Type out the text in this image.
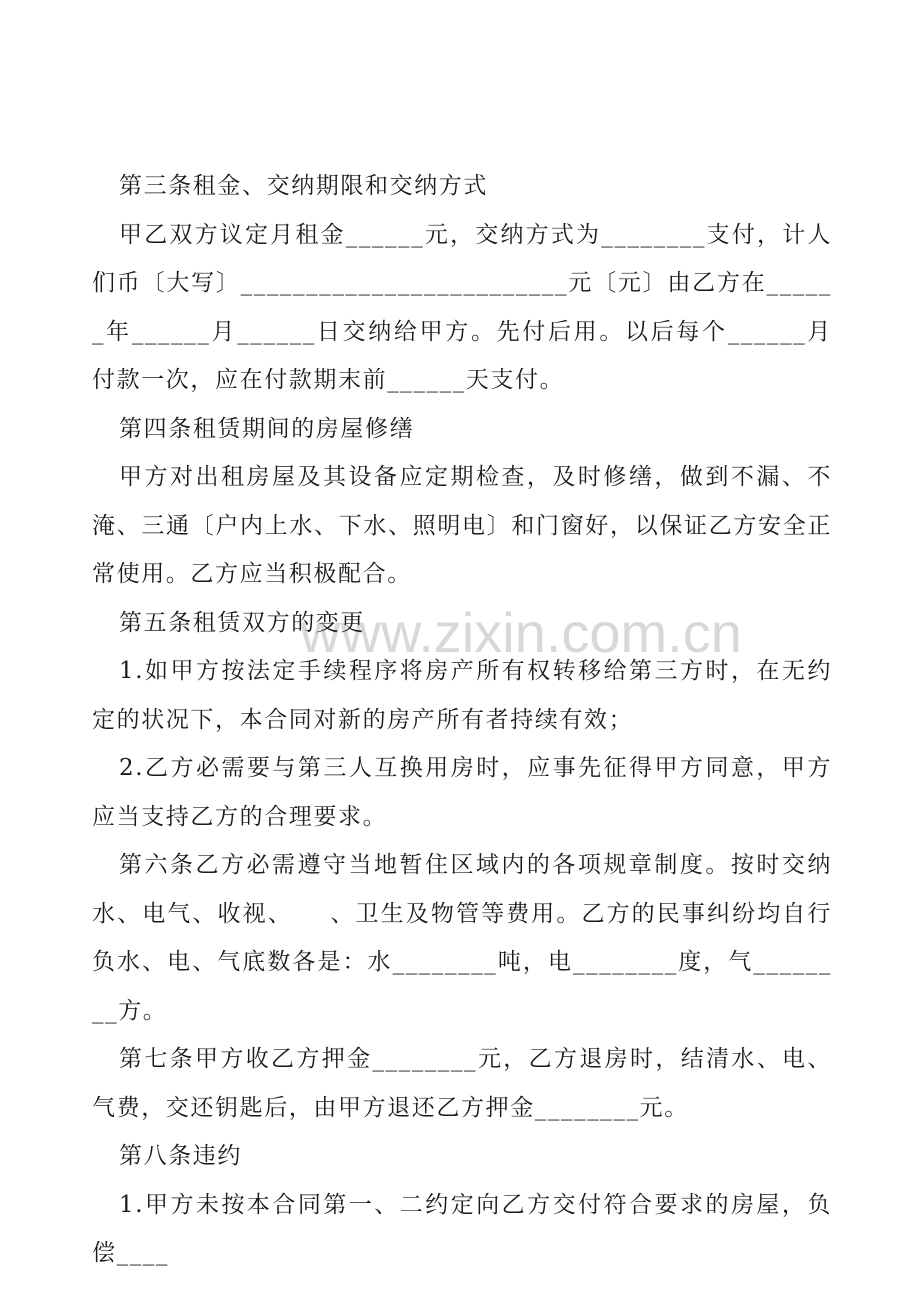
www.zixin.com.cn

第三条租金、交纳期限和交纳方式

甲乙双方议定月租金______元，交纳方式为________支付，计人们币〔大写〕_________________________元〔元〕由乙方在______年______月______日交纳给甲方。先付后用。以后每个______月付款一次，应在付款期末前______天支付。

第四条租赁期间的房屋修缮

甲方对出租房屋及其设备应定期检查，及时修缮，做到不漏、不淹、三通〔户内上水、下水、照明电〕和门窗好，以保证乙方安全正常使用。乙方应当积极配合。

第五条租赁双方的变更

1.如甲方按法定手续程序将房产所有权转移给第三方时，在无约定的状况下，本合同对新的房产所有者持续有效；

2.乙方必需要与第三人互换用房时，应事先征得甲方同意，甲方应当支持乙方的合理要求。

第六条乙方必需遵守当地暂住区域内的各项规章制度。按时交纳水、电气、收视、    、卫生及物管等费用。乙方的民事纠纷均自行负水、电、气底数各是：水________吨，电________度，气________方。

第七条甲方收乙方押金________元，乙方退房时，结清水、电、气费，交还钥匙后，由甲方退还乙方押金________元。

第八条违约

1.甲方未按本合同第一、二约定向乙方交付符合要求的房屋，负偿____
